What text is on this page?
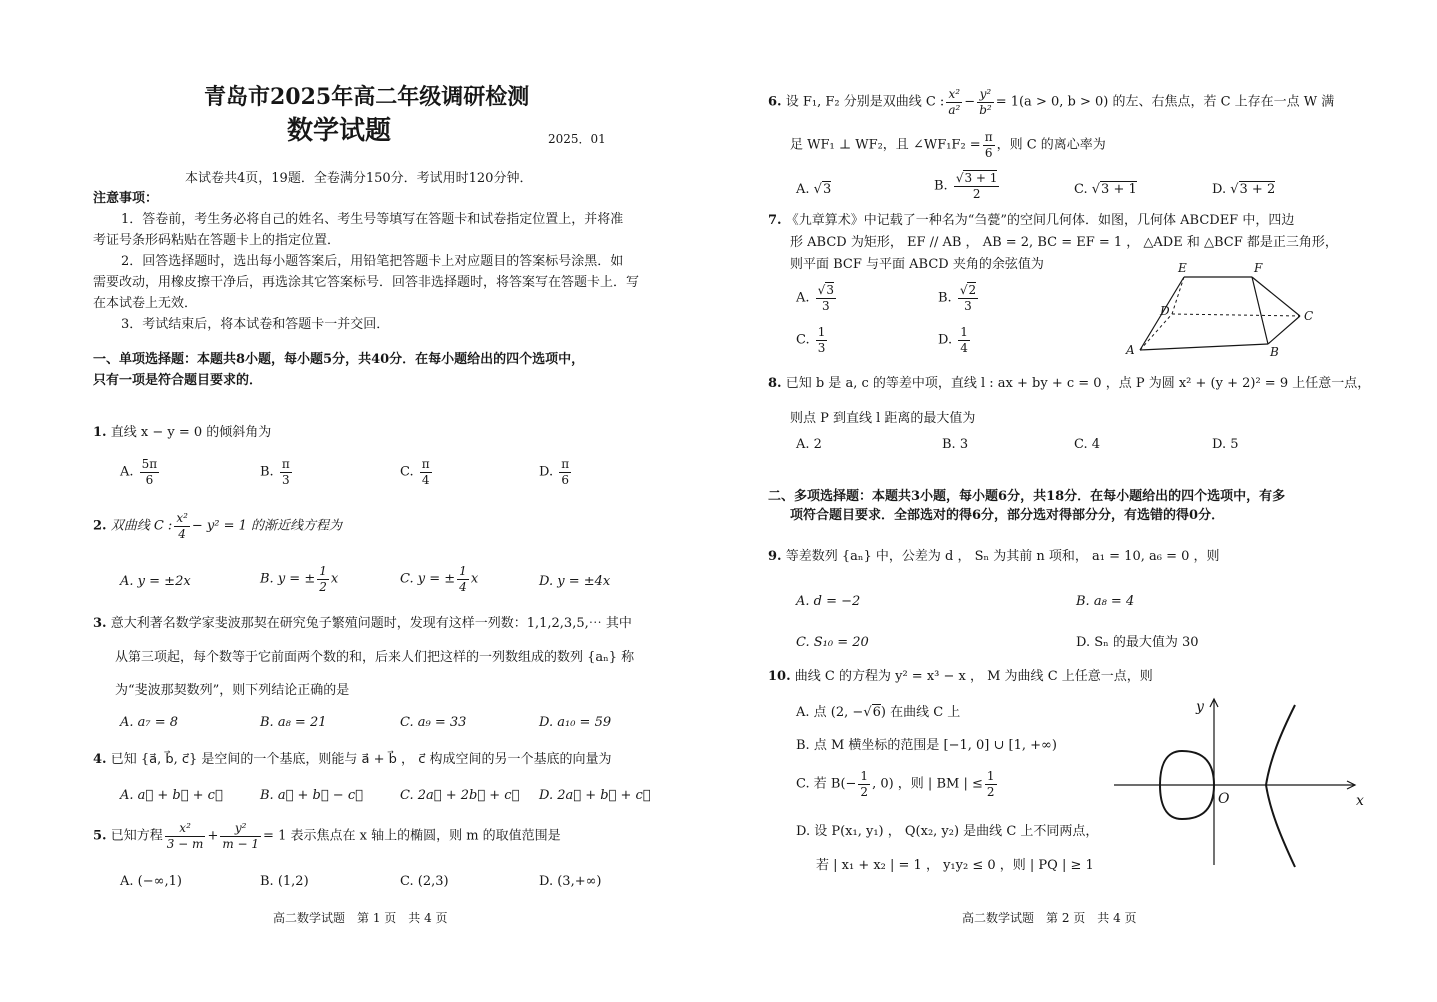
青岛市2025年高二年级调研检测
数学试题	2025．01
本试卷共4页，19题．全卷满分150分．考试用时120分钟．
注意事项：
1．答卷前，考生务必将自己的姓名、考生号等填写在答题卡和试卷指定位置上，并将准
考证号条形码粘贴在答题卡上的指定位置．
2．回答选择题时，选出每小题答案后，用铅笔把答题卡上对应题目的答案标号涂黑．如
需要改动，用橡皮擦干净后，再选涂其它答案标号．回答非选择题时，将答案写在答题卡上．写
在本试卷上无效．
3．考试结束后，将本试卷和答题卡一并交回．
一、单项选择题：本题共8小题，每小题5分，共40分．在每小题给出的四个选项中，
只有一项是符合题目要求的．
1. 直线 x − y = 0 的倾斜角为
A. $\frac{5\pi}{6}$	B. $\frac{\pi}{3}$	C. $\frac{\pi}{4}$	D. $\frac{\pi}{6}$
2. 双曲线 C : $\frac{\text{x²}}{4} - y^2 = 1$ 的渐近线方程为
A. y = ±2x	B. y = ± $\frac{1}{2}$ x	C. y = ± $\frac{1}{4}$ x	D. y = ±4x
3. 意大利著名数学家斐波那契在研究兔子繁殖问题时，发现有这样一列数：1,1,2,3,5,⋯ 其中
从第三项起，每个数等于它前面两个数的和，后来人们把这样的一列数组成的数列 {aₙ} 称
为“斐波那契数列”，则下列结论正确的是
A. a₇ = 8	B. a₈ = 21	C. a₉ = 33	D. a₁₀ = 59
4. 已知 {a⃗, b⃗, c⃗} 是空间的一个基底，则能与 a⃗ + b⃗ ， c⃗ 构成空间的另一个基底的向量为
A. a⃗ + b⃗ + c⃗	B. a⃗ + b⃗ − c⃗	C. 2a⃗ + 2b⃗ + c⃗ D. 2a⃗ + b⃗ + c⃗
5. 已知方程 $\frac{\text{x²}}{3 - m} + \frac{\text{y²}}{m - 1} = 1$ 表示焦点在 x 轴上的椭圆，则 m 的取值范围是
A. (−∞,1)	B. (1,2)	C. (2,3)	D. (3,+∞)
高二数学试题　第 1 页　共 4 页
6. 设 F₁, F₂ 分别是双曲线 C : $\frac{\text{x²}}{\text{a²}} - \frac{\text{y²}}{\text{b²}} = 1(a > 0$, b > 0) 的左、右焦点，若 C 上存在一点 W 满
足 WF₁ ⊥ WF₂，且 ∠WF₁F₂ = $\frac{\pi}{6}$ ，则 C 的离心率为
A. √3	B. $\frac{√3 + 1}{2}$	C. √3 + 1	D. √3 + 2
7. 《九章算术》中记载了一种名为“刍甍”的空间几何体．如图，几何体 ABCDEF 中，四边
形 ABCD 为矩形， EF // AB ， AB = 2, BC = EF = 1 ， △ADE 和 △BCF 都是正三角形，
则平面 BCF 与平面 ABCD 夹角的余弦值为
A. $\frac{√3}{3}$	B. $\frac{√2}{3}$
C. $\frac{1}{3}$	D. $\frac{1}{4}$
E	F
D	C
A	B
8. 已知 b 是 a, c 的等差中项，直线 l : ax + by + c = 0 ，点 P 为圆 x² + (y + 2)² = 9 上任意一点，
则点 P 到直线 l 距离的最大值为
A. 2	B. 3	C. 4	D. 5
二、多项选择题：本题共3小题，每小题6分，共18分．在每小题给出的四个选项中，有多
项符合题目要求．全部选对的得6分，部分选对得部分分，有选错的得0分．
9. 等差数列 {aₙ} 中，公差为 d ， Sₙ 为其前 n 项和， a₁ = 10, a₆ = 0 ，则
A. d = −2	B. a₈ = 4
C. S₁₀ = 20	D. Sₙ 的最大值为 30
10. 曲线 C 的方程为 y² = x³ − x ， M 为曲线 C 上任意一点，则
A. 点 (2, −√6) 在曲线 C 上
B. 点 M 横坐标的范围是 [−1, 0] ∪ [1, +∞)
C. 若 $B(- \frac{1}{2}$ , 0) ，则 | BM | ≤ $\frac{1}{2}$
D. 设 P(x₁, y₁) ， Q(x₂, y₂) 是曲线 C 上不同两点，
若 | x₁ + x₂ | = 1 ， y₁y₂ ≤ 0 ，则 | PQ | ≥ 1
y
x
O
高二数学试题　第 2 页　共 4 页
